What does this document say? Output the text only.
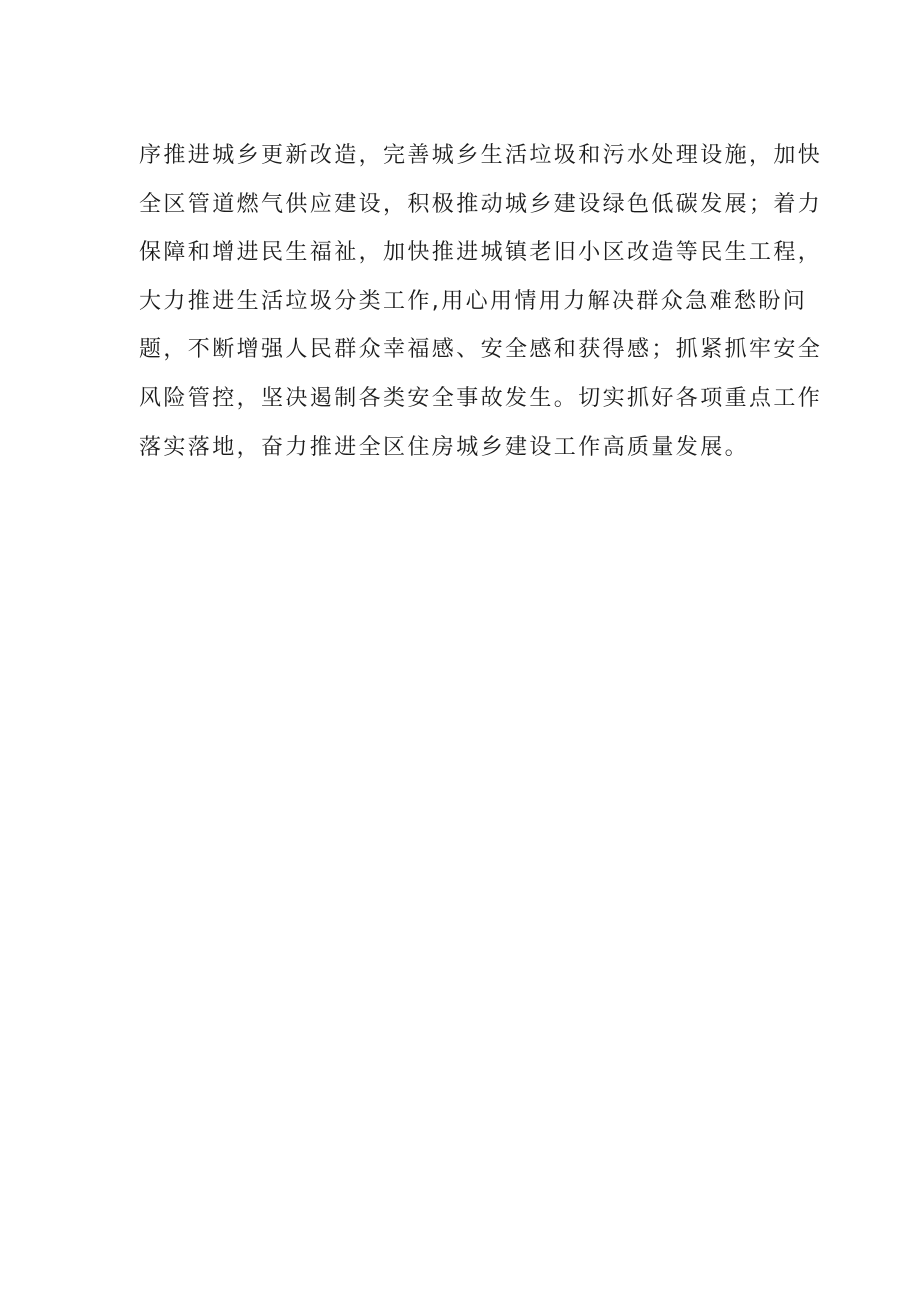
序推进城乡更新改造，完善城乡生活垃圾和污水处理设施，加快
全区管道燃气供应建设，积极推动城乡建设绿色低碳发展；着力
保障和增进民生福祉，加快推进城镇老旧小区改造等民生工程，
大力推进生活垃圾分类工作,用心用情用力解决群众急难愁盼问
题，不断增强人民群众幸福感、安全感和获得感；抓紧抓牢安全
风险管控，坚决遏制各类安全事故发生。切实抓好各项重点工作
落实落地，奋力推进全区住房城乡建设工作高质量发展。
